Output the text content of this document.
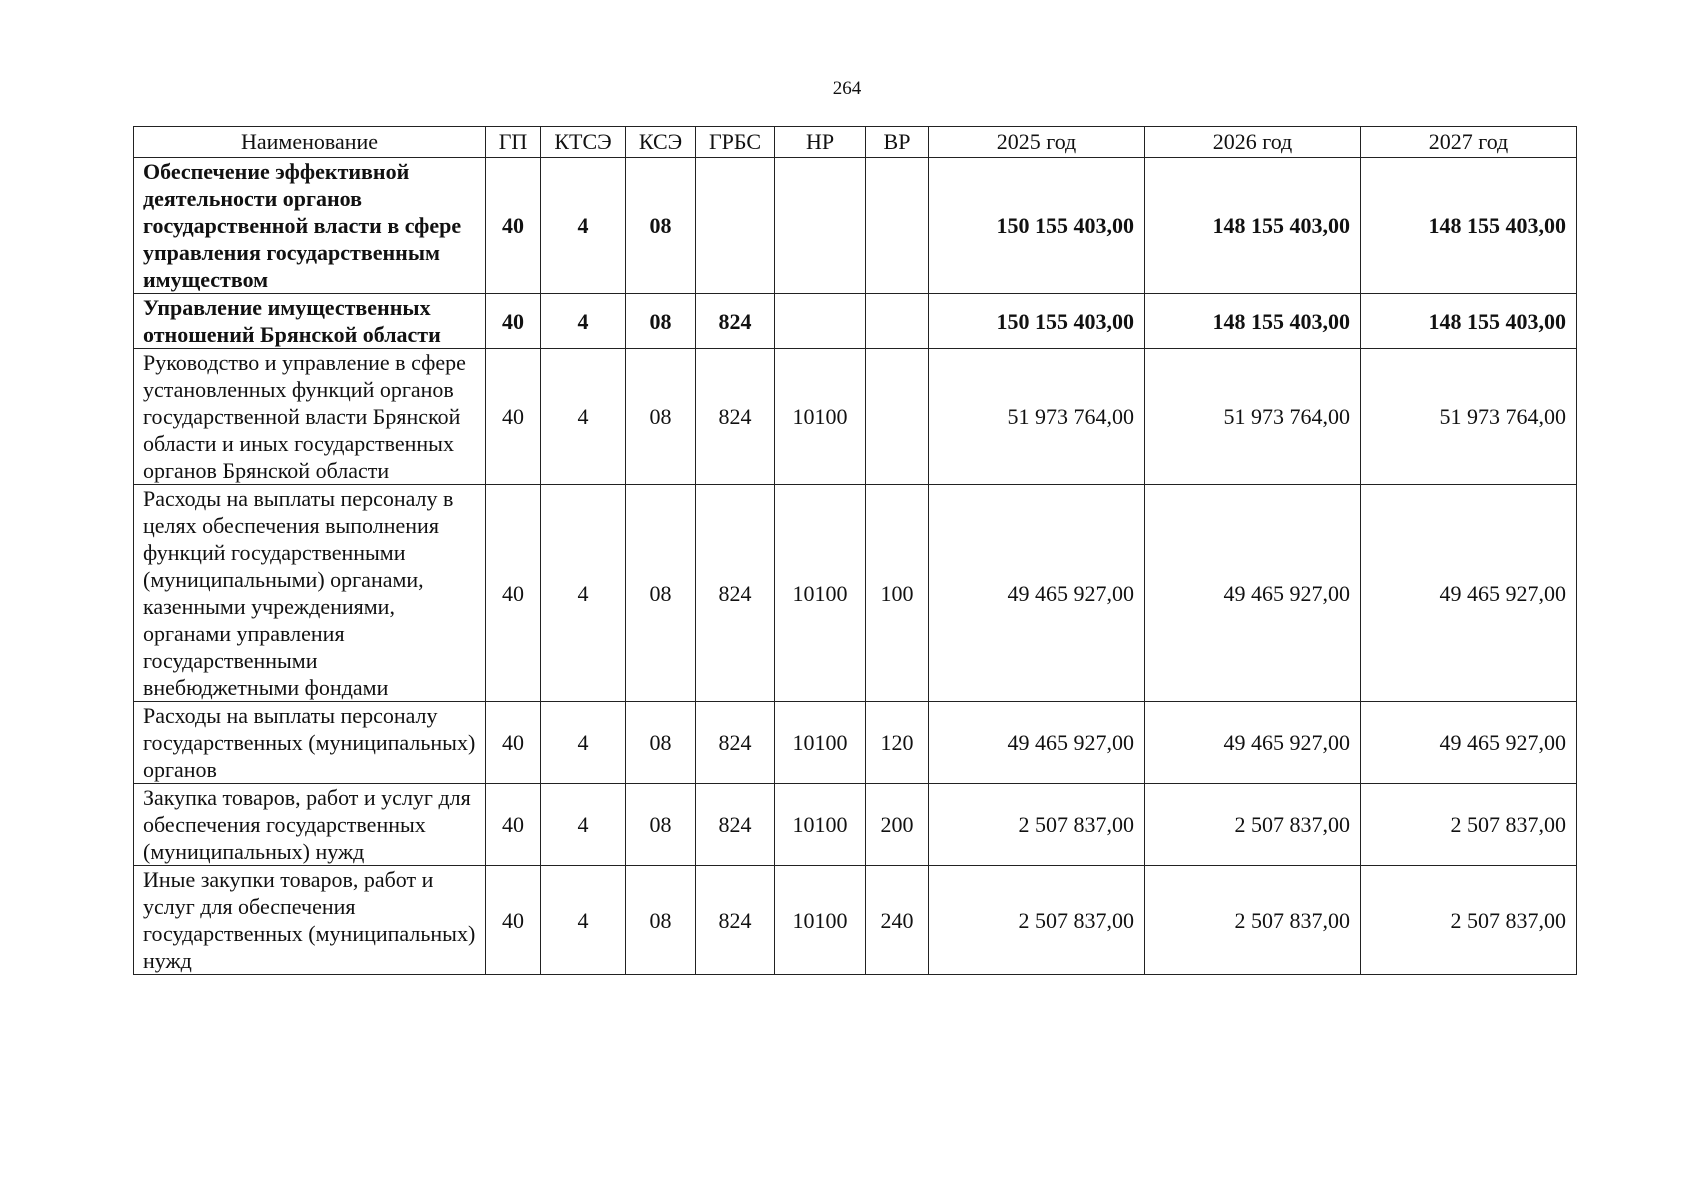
264
Наименование	ГП	КТСЭ	КСЭ	ГРБС	НР	ВР	2025 год	2026 год	2027 год
Обеспечение эффективной деятельности органов государственной власти в сфере управления государственным имуществом	40	4	08				150 155 403,00	148 155 403,00	148 155 403,00
Управление имущественных отношений Брянской области	40	4	08	824			150 155 403,00	148 155 403,00	148 155 403,00
Руководство и управление в сфере установленных функций органов государственной власти Брянской области и иных государственных органов Брянской области	40	4	08	824	10100		51 973 764,00	51 973 764,00	51 973 764,00
Расходы на выплаты персоналу в целях обеспечения выполнения функций государственными (муниципальными) органами, казенными учреждениями, органами управления государственными внебюджетными фондами	40	4	08	824	10100	100	49 465 927,00	49 465 927,00	49 465 927,00
Расходы на выплаты персоналу государственных (муниципальных) органов	40	4	08	824	10100	120	49 465 927,00	49 465 927,00	49 465 927,00
Закупка товаров, работ и услуг для обеспечения государственных (муниципальных) нужд	40	4	08	824	10100	200	2 507 837,00	2 507 837,00	2 507 837,00
Иные закупки товаров, работ и услуг для обеспечения государственных (муниципальных) нужд	40	4	08	824	10100	240	2 507 837,00	2 507 837,00	2 507 837,00
